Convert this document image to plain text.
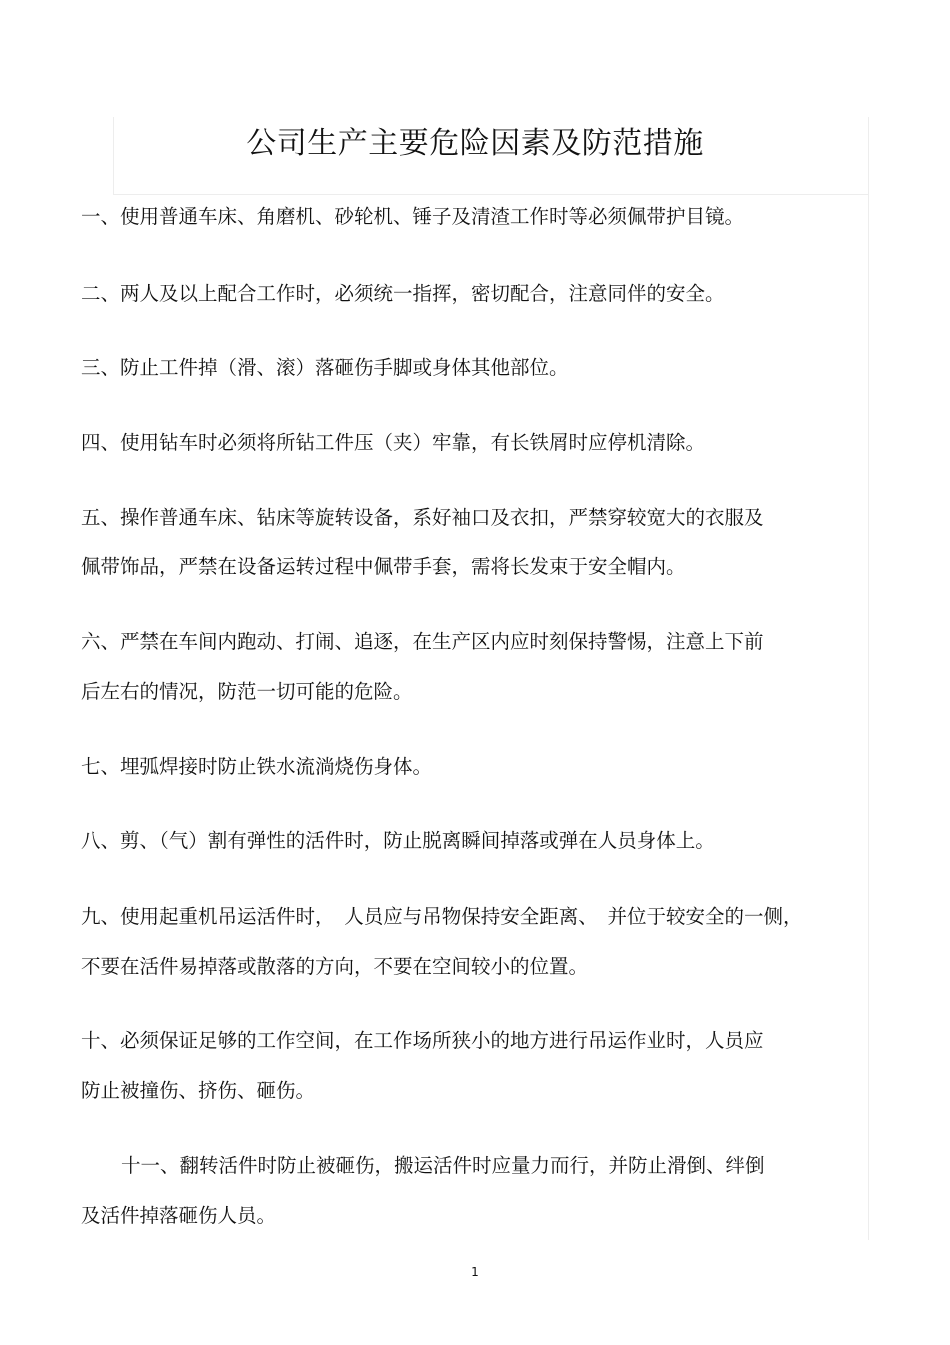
公司生产主要危险因素及防范措施
一、使用普通车床、角磨机、砂轮机、锤子及清渣工作时等必须佩带护目镜。
二、两人及以上配合工作时，必须统一指挥，密切配合，注意同伴的安全。
三、防止工件掉（滑、滚）落砸伤手脚或身体其他部位。
四、使用钻车时必须将所钻工件压（夹）牢靠，有长铁屑时应停机清除。
五、操作普通车床、钻床等旋转设备，系好袖口及衣扣，严禁穿较宽大的衣服及
佩带饰品，严禁在设备运转过程中佩带手套，需将长发束于安全帽内。
六、严禁在车间内跑动、打闹、追逐，在生产区内应时刻保持警惕，注意上下前
后左右的情况，防范一切可能的危险。
七、埋弧焊接时防止铁水流淌烧伤身体。
八、剪、（气）割有弹性的活件时，防止脱离瞬间掉落或弹在人员身体上。
九、使用起重机吊运活件时，　人员应与吊物保持安全距离、　并位于较安全的一侧，
不要在活件易掉落或散落的方向，不要在空间较小的位置。
十、必须保证足够的工作空间，在工作场所狭小的地方进行吊运作业时，人员应
防止被撞伤、挤伤、砸伤。
十一、翻转活件时防止被砸伤，搬运活件时应量力而行，并防止滑倒、绊倒
及活件掉落砸伤人员。
1
